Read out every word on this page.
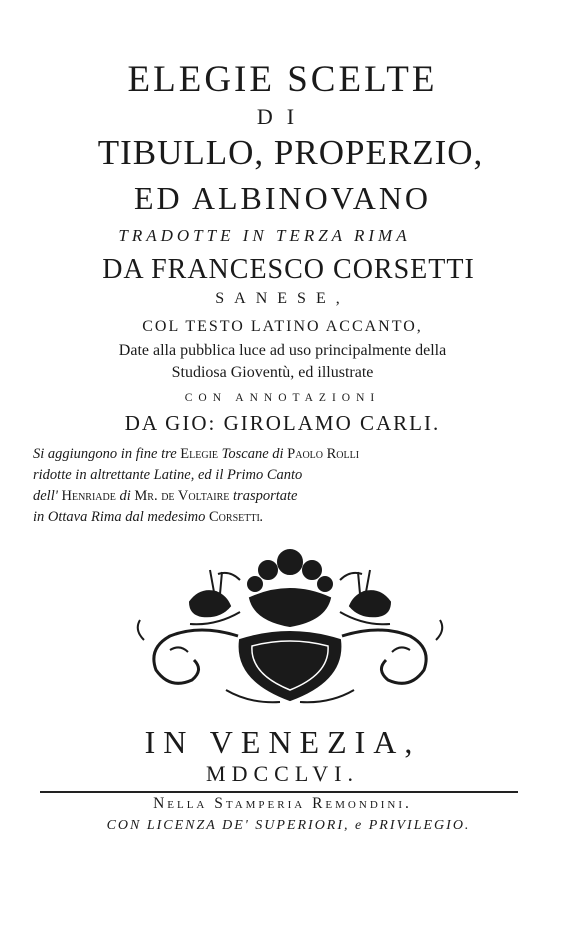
ELEGIE SCELTE
DI
TIBULLO, PROPERZIO,
ED ALBINOVANO
TRADOTTE IN TERZA RIMA
DA FRANCESCO CORSETTI
SANESE,
COL TESTO LATINO ACCANTO,
Date alla pubblica luce ad uso principalmente della
Studiosa Gioventù, ed illustrate
CON ANNOTAZIONI
DA GIO: GIROLAMO CARLI.
Si aggiungono in fine tre Elegie Toscane di Paolo Rolli
ridotte in altrettante Latine, ed il Primo Canto
dell' Henriade di Mr. de Voltaire trasportate
in Ottava Rima dal medesimo Corsetti.
IN VENEZIA,
MDCCLVI.
Nella Stamperia Remondini.
CON LICENZA DE' SUPERIORI, e PRIVILEGIO.
